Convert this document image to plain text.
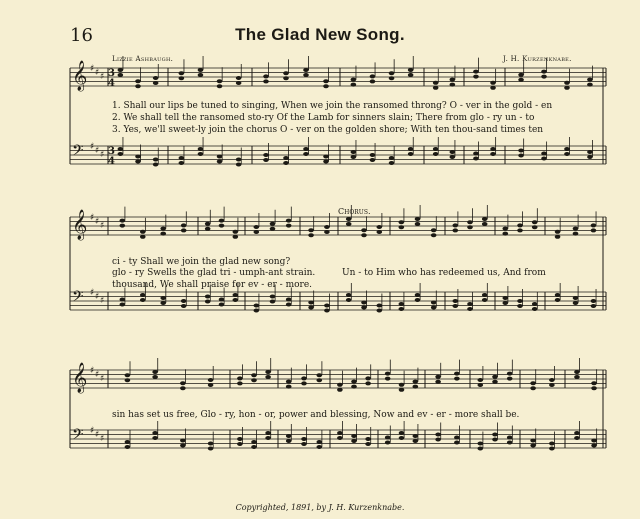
16	The Glad New Song.
Lizzie Ashbaugh.	J. H. Kurzenknabe.
𝄞 ♯ ♯ ♯ 3
4
𝄢 ♯ ♯ ♯ 3
4
𝄞 ♯ ♯ ♯
𝄢 ♯ ♯ ♯
𝄞 ♯ ♯ ♯
𝄢 ♯ ♯ ♯
1. Shall our lips be tuned to singing, When we join the ransomed throng? O - ver in the gold - en
2. We shall tell the ransomed sto-ry Of the Lamb for sinners slain; There from glo - ry un - to
3. Yes, we'll sweet-ly join the chorus O - ver on the golden shore; With ten thou-sand times ten
Chorus.
ci - ty Shall we join the glad new song?
glo - ry Swells the glad tri - umph-ant strain.
thousand, We shall praise for ev - er - more.
Un - to Him who has redeemed us, And from
sin has set us free, Glo - ry, hon - or, power and blessing, Now and ev - er - more shall be.
Copyrighted, 1891, by J. H. Kurzenknabe.
